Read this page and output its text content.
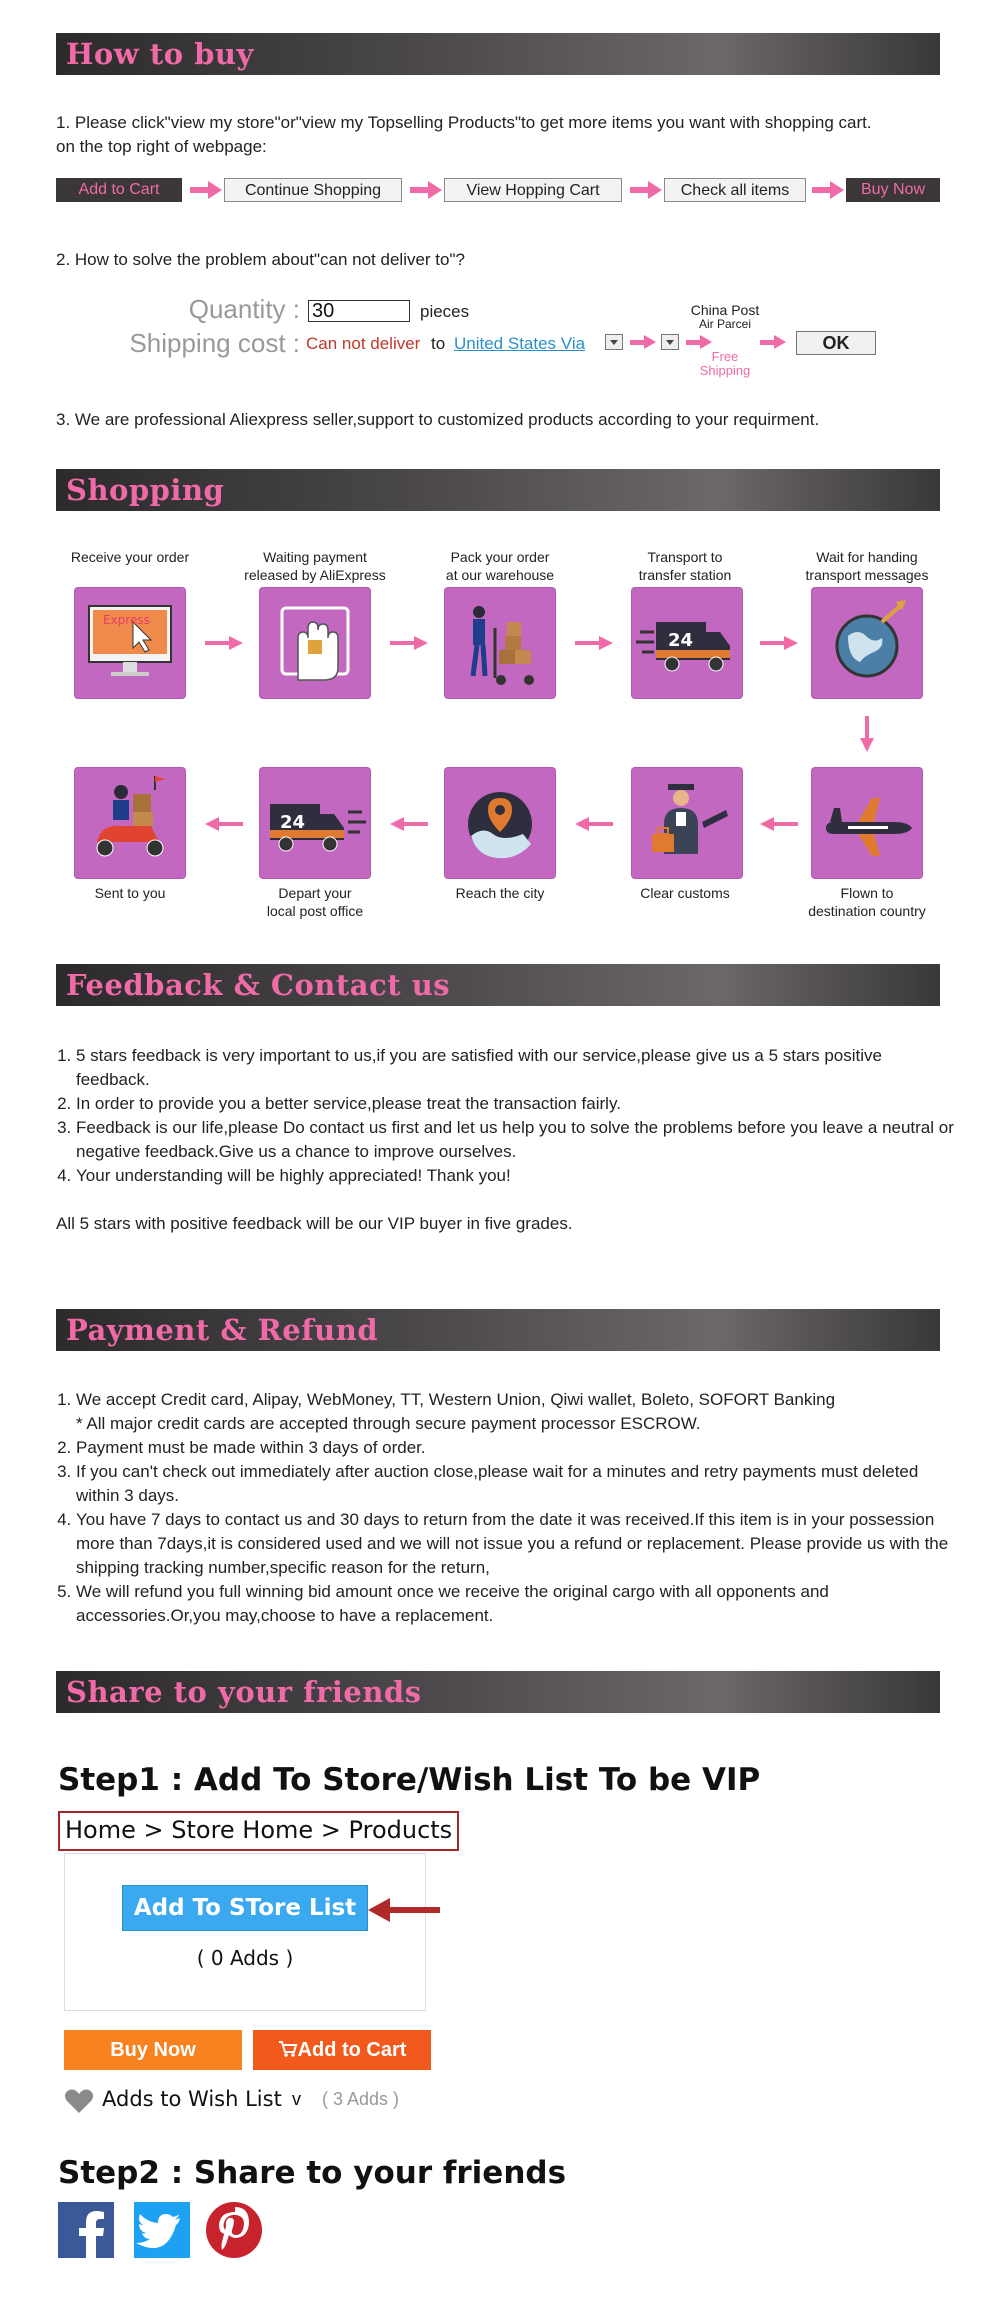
How to buy
1. Please click"view my store"or"view my Topselling Products"to get more items you want with shopping cart.
on the top right of webpage:
Add to Cart	Continue Shopping	View Hopping Cart	Check all items	Buy Now
2. How to solve the problem about"can not deliver to"?
Quantity : 30	pieces
Shipping cost : Can not deliver to United States Via
China Post
Air Parcei
Free
Shipping
OK
3. We are professional Aliexpress seller,support to customized products according to your requirment.
Shopping
Receive your order	Waiting payment
released by AliExpress
Pack your order
at our warehouse
Transport to
transfer station
Wait for handing
transport messages
Express
24
24
Sent to you	Depart your
local post office
Reach the city	Clear customs	Flown to
destination country
Feedback & Contact us
1. 5 stars feedback is very important to us,if you are satisfied with our service,please give us a 5 stars positive feedback.
2. In order to provide you a better service,please treat the transaction fairly.
3. Feedback is our life,please Do contact us first and let us help you to solve the problems before you leave a neutral or negative feedback.Give us a chance to improve ourselves.
4. Your understanding will be highly appreciated! Thank you!
All 5 stars with positive feedback will be our VIP buyer in five grades.
Payment & Refund
1. We accept Credit card, Alipay, WebMoney, TT, Western Union, Qiwi wallet, Boleto, SOFORT Banking
* All major credit cards are accepted through secure payment processor ESCROW.
2. Payment must be made within 3 days of order.
3. If you can't check out immediately after auction close,please wait for a minutes and retry payments must deleted within 3 days.
4. You have 7 days to contact us and 30 days to return from the date it was received.If this item is in your possession more than 7days,it is considered used and we will not issue you a refund or replacement. Please provide us with the shipping tracking number,specific reason for the return,
5. We will refund you full winning bid amount once we receive the original cargo with all opponents and accessories.Or,you may,choose to have a replacement.
Share to your friends
Step1 : Add To Store/Wish List To be VIP
Home > Store Home > Products
Add To STore List
( 0 Adds )
Buy Now	Add to Cart
Adds to Wish List v ( 3 Adds )
Step2 : Share to your friends
